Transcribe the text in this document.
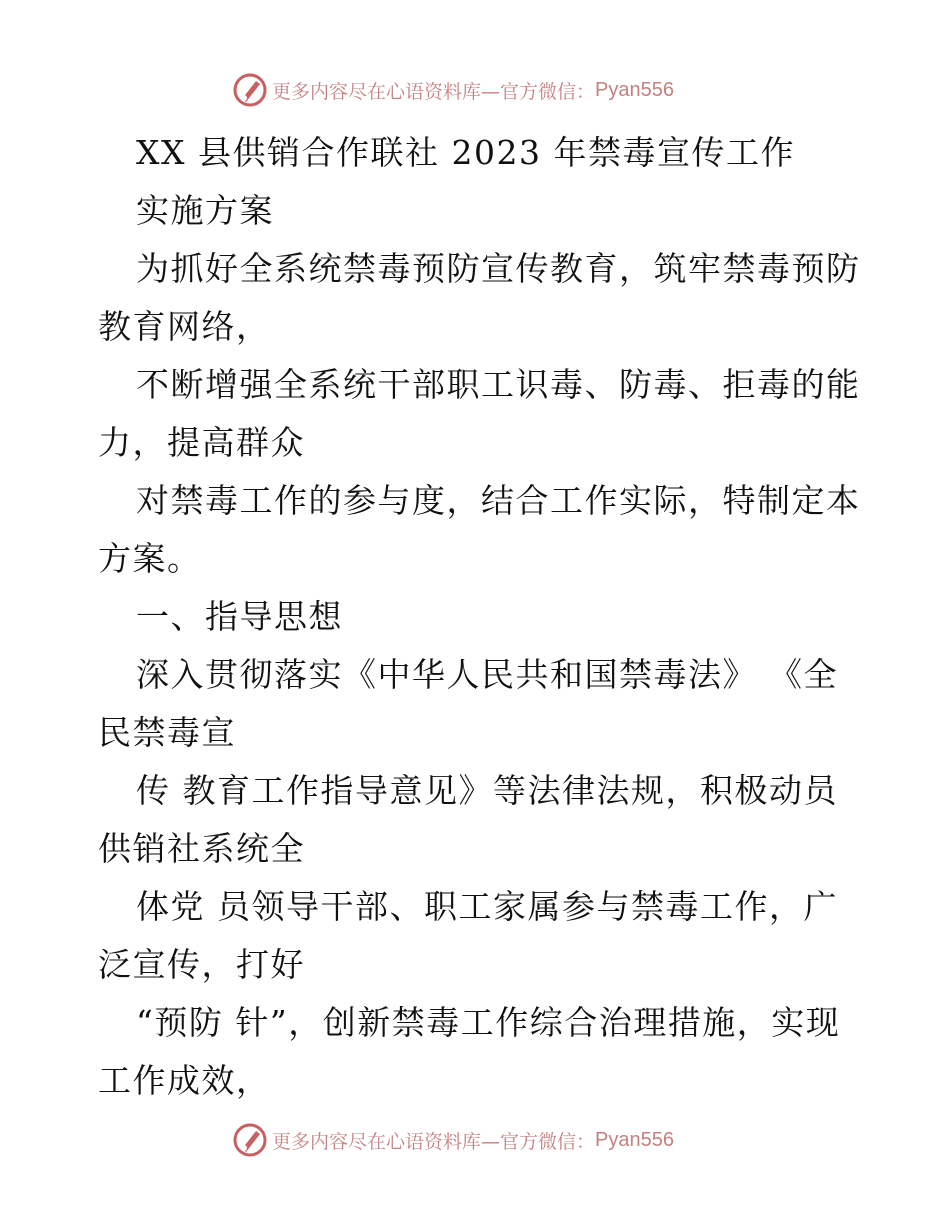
更多内容尽在心语资料库—官方微信： Pyan556
XX 县供销合作联社 2023 年禁毒宣传工作
实施方案
为抓好全系统禁毒预防宣传教育，筑牢禁毒预防
教育网络，
不断增强全系统干部职工识毒、防毒、拒毒的能
力，提高群众
对禁毒工作的参与度，结合工作实际，特制定本
方案。
一、指导思想
深入贯彻落实《中华人民共和国禁毒法》 《全
民禁毒宣
传 教育工作指导意见》等法律法规，积极动员
供销社系统全
体党 员领导干部、职工家属参与禁毒工作，广
泛宣传，打好
“预防 针”，创新禁毒工作综合治理措施，实现
工作成效，
更多内容尽在心语资料库—官方微信： Pyan556
